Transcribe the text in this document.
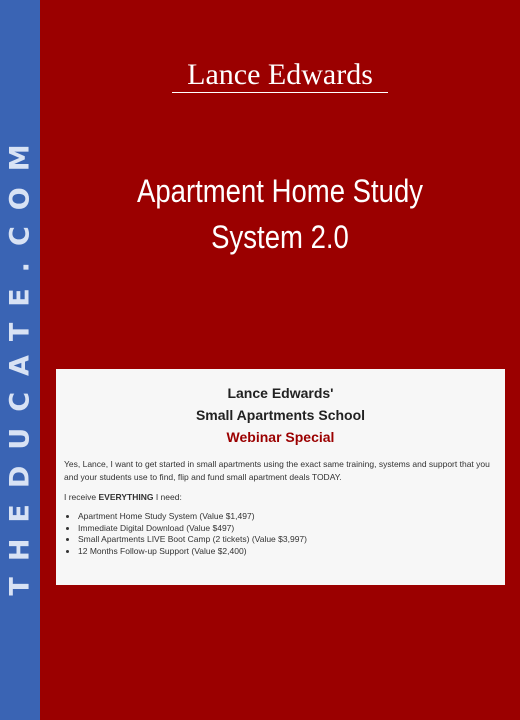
THEDUCATE.COM
Lance Edwards
Apartment Home Study
System 2.0
Lance Edwards'
Small Apartments School
Webinar Special

Yes, Lance, I want to get started in small apartments using the exact same training, systems and support that you and your students use to find, flip and fund small apartment deals TODAY.

I receive EVERYTHING I need:

• Apartment Home Study System (Value $1,497)
• Immediate Digital Download (Value $497)
• Small Apartments LIVE Boot Camp (2 tickets) (Value $3,997)
• 12 Months Follow-up Support (Value $2,400)
